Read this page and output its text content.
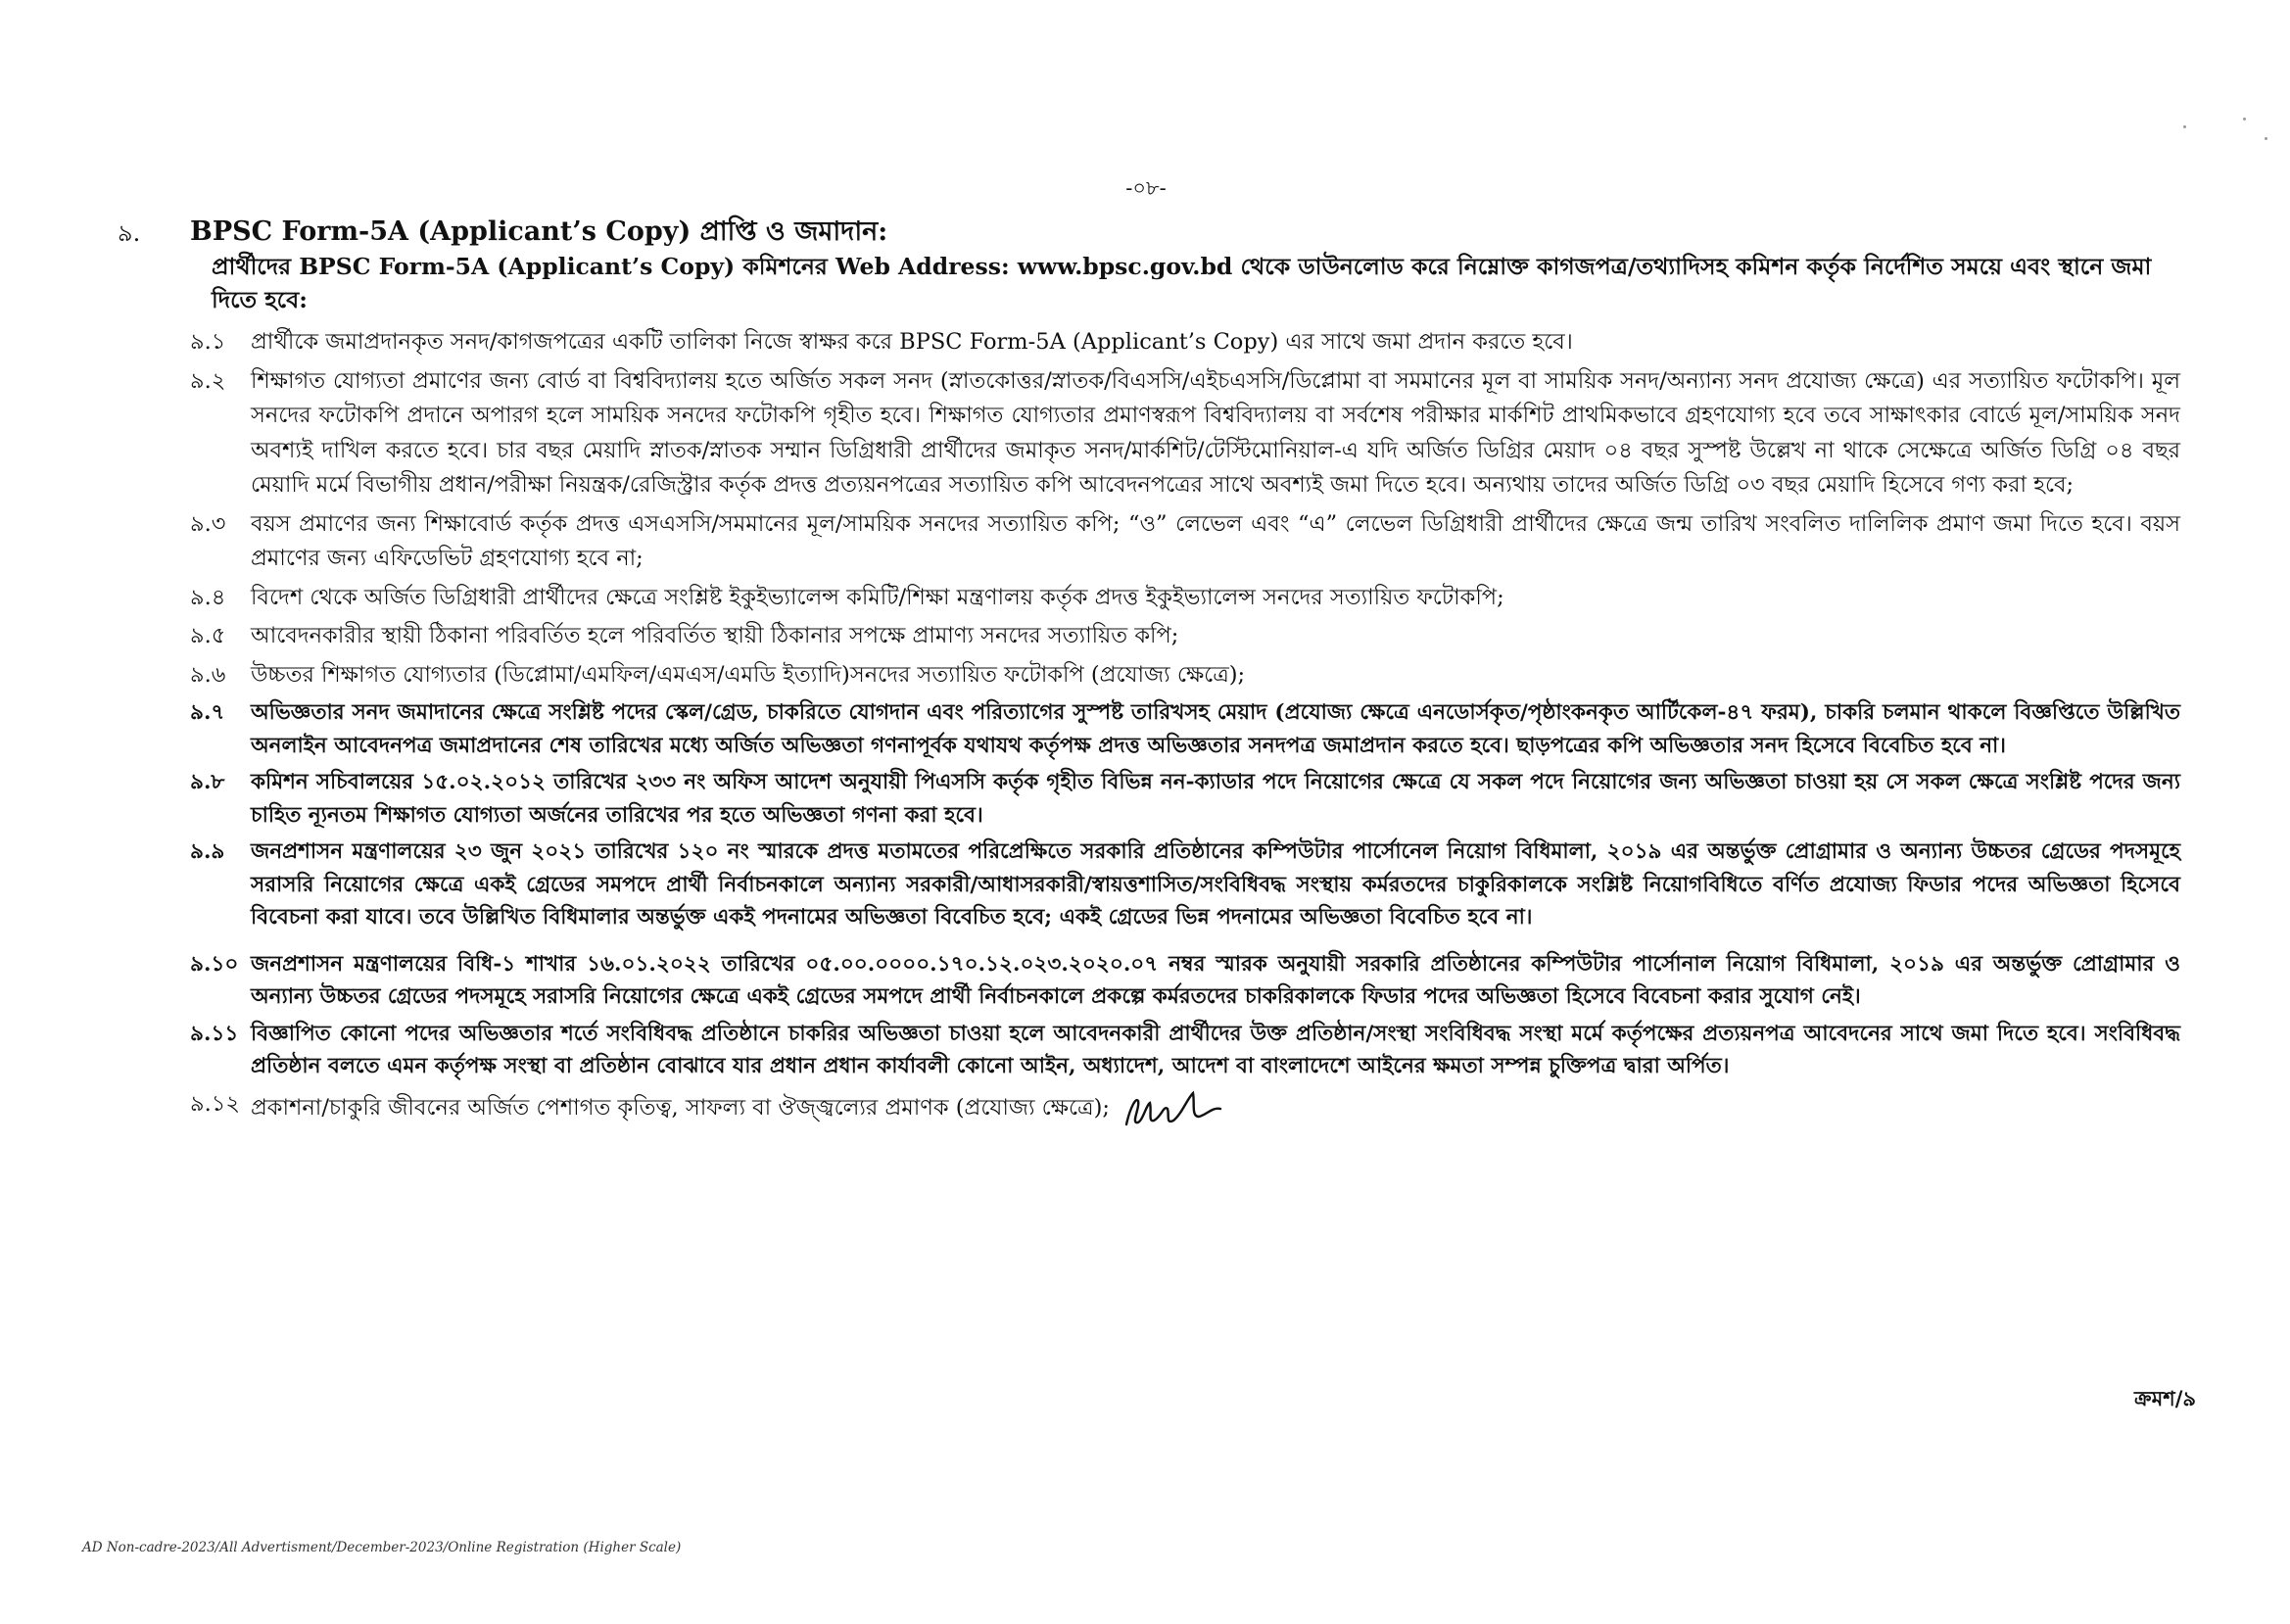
-০৮-
৯. BPSC Form-5A (Applicant’s Copy) প্রাপ্তি ও জমাদান:
প্রার্থীদের BPSC Form-5A (Applicant’s Copy) কমিশনের Web Address: www.bpsc.gov.bd থেকে ডাউনলোড করে নিম্নোক্ত কাগজপত্র/তথ্যাদিসহ কমিশন কর্তৃক নির্দেশিত সময়ে এবং স্থানে জমা দিতে হবে:
৯.১	প্রার্থীকে জমাপ্রদানকৃত সনদ/কাগজপত্রের একটি তালিকা নিজে স্বাক্ষর করে BPSC Form-5A (Applicant’s Copy) এর সাথে জমা প্রদান করতে হবে।
৯.২	শিক্ষাগত যোগ্যতা প্রমাণের জন্য বোর্ড বা বিশ্ববিদ্যালয় হতে অর্জিত সকল সনদ (স্নাতকোত্তর/স্নাতক/বিএসসি/এইচএসসি/ডিপ্লোমা বা সমমানের মূল বা সাময়িক সনদ/অন্যান্য সনদ প্রযোজ্য ক্ষেত্রে) এর সত্যায়িত ফটোকপি। মূল সনদের ফটোকপি প্রদানে অপারগ হলে সাময়িক সনদের ফটোকপি গৃহীত হবে। শিক্ষাগত যোগ্যতার প্রমাণস্বরূপ বিশ্ববিদ্যালয় বা সর্বশেষ পরীক্ষার মার্কশিট প্রাথমিকভাবে গ্রহণযোগ্য হবে তবে সাক্ষাৎকার বোর্ডে মূল/সাময়িক সনদ অবশ্যই দাখিল করতে হবে। চার বছর মেয়াদি স্নাতক/স্নাতক সম্মান ডিগ্রিধারী প্রার্থীদের জমাকৃত সনদ/মার্কশিট/টেস্টিমোনিয়াল-এ যদি অর্জিত ডিগ্রির মেয়াদ ০৪ বছর সুস্পষ্ট উল্লেখ না থাকে সেক্ষেত্রে অর্জিত ডিগ্রি ০৪ বছর মেয়াদি মর্মে বিভাগীয় প্রধান/পরীক্ষা নিয়ন্ত্রক/রেজিস্ট্রার কর্তৃক প্রদত্ত প্রত্যয়নপত্রের সত্যায়িত কপি আবেদনপত্রের সাথে অবশ্যই জমা দিতে হবে। অন্যথায় তাদের অর্জিত ডিগ্রি ০৩ বছর মেয়াদি হিসেবে গণ্য করা হবে;
৯.৩	বয়স প্রমাণের জন্য শিক্ষাবোর্ড কর্তৃক প্রদত্ত এসএসসি/সমমানের মূল/সাময়িক সনদের সত্যায়িত কপি; “ও” লেভেল এবং “এ” লেভেল ডিগ্রিধারী প্রার্থীদের ক্ষেত্রে জন্ম তারিখ সংবলিত দালিলিক প্রমাণ জমা দিতে হবে। বয়স প্রমাণের জন্য এফিডেভিট গ্রহণযোগ্য হবে না;
৯.৪	বিদেশ থেকে অর্জিত ডিগ্রিধারী প্রার্থীদের ক্ষেত্রে সংশ্লিষ্ট ইকুইভ্যালেন্স কমিটি/শিক্ষা মন্ত্রণালয় কর্তৃক প্রদত্ত ইকুইভ্যালেন্স সনদের সত্যায়িত ফটোকপি;
৯.৫	আবেদনকারীর স্থায়ী ঠিকানা পরিবর্তিত হলে পরিবর্তিত স্থায়ী ঠিকানার সপক্ষে প্রামাণ্য সনদের সত্যায়িত কপি;
৯.৬	উচ্চতর শিক্ষাগত যোগ্যতার (ডিপ্লোমা/এমফিল/এমএস/এমডি ইত্যাদি)সনদের সত্যায়িত ফটোকপি (প্রযোজ্য ক্ষেত্রে);
৯.৭	অভিজ্ঞতার সনদ জমাদানের ক্ষেত্রে সংশ্লিষ্ট পদের স্কেল/গ্রেড, চাকরিতে যোগদান এবং পরিত্যাগের সুস্পষ্ট তারিখসহ মেয়াদ (প্রযোজ্য ক্ষেত্রে এনডোর্সকৃত/পৃষ্ঠাংকনকৃত আর্টিকেল-৪৭ ফরম), চাকরি চলমান থাকলে বিজ্ঞপ্তিতে উল্লিখিত অনলাইন আবেদনপত্র জমাপ্রদানের শেষ তারিখের মধ্যে অর্জিত অভিজ্ঞতা গণনাপূর্বক যথাযথ কর্তৃপক্ষ প্রদত্ত অভিজ্ঞতার সনদপত্র জমাপ্রদান করতে হবে। ছাড়পত্রের কপি অভিজ্ঞতার সনদ হিসেবে বিবেচিত হবে না।
৯.৮	কমিশন সচিবালয়ের ১৫.০২.২০১২ তারিখের ২৩৩ নং অফিস আদেশ অনুযায়ী পিএসসি কর্তৃক গৃহীত বিভিন্ন নন-ক্যাডার পদে নিয়োগের ক্ষেত্রে যে সকল পদে নিয়োগের জন্য অভিজ্ঞতা চাওয়া হয় সে সকল ক্ষেত্রে সংশ্লিষ্ট পদের জন্য চাহিত ন্যূনতম শিক্ষাগত যোগ্যতা অর্জনের তারিখের পর হতে অভিজ্ঞতা গণনা করা হবে।
৯.৯	জনপ্রশাসন মন্ত্রণালয়ের ২৩ জুন ২০২১ তারিখের ১২০ নং স্মারকে প্রদত্ত মতামতের পরিপ্রেক্ষিতে সরকারি প্রতিষ্ঠানের কম্পিউটার পার্সোনেল নিয়োগ বিধিমালা, ২০১৯ এর অন্তর্ভুক্ত প্রোগ্রামার ও অন্যান্য উচ্চতর গ্রেডের পদসমূহে সরাসরি নিয়োগের ক্ষেত্রে একই গ্রেডের সমপদে প্রার্থী নির্বাচনকালে অন্যান্য সরকারী/আধাসরকারী/স্বায়ত্তশাসিত/সংবিধিবদ্ধ সংস্থায় কর্মরতদের চাকুরিকালকে সংশ্লিষ্ট নিয়োগবিধিতে বর্ণিত প্রযোজ্য ফিডার পদের অভিজ্ঞতা হিসেবে বিবেচনা করা যাবে। তবে উল্লিখিত বিধিমালার অন্তর্ভুক্ত একই পদনামের অভিজ্ঞতা বিবেচিত হবে; একই গ্রেডের ভিন্ন পদনামের অভিজ্ঞতা বিবেচিত হবে না।
৯.১০ জনপ্রশাসন মন্ত্রণালয়ের বিধি-১ শাখার ১৬.০১.২০২২ তারিখের ০৫.০০.০০০০.১৭০.১২.০২৩.২০২০.০৭ নম্বর স্মারক অনুযায়ী সরকারি প্রতিষ্ঠানের কম্পিউটার পার্সোনাল নিয়োগ বিধিমালা, ২০১৯ এর অন্তর্ভুক্ত প্রোগ্রামার ও অন্যান্য উচ্চতর গ্রেডের পদসমূহে সরাসরি নিয়োগের ক্ষেত্রে একই গ্রেডের সমপদে প্রার্থী নির্বাচনকালে প্রকল্পে কর্মরতদের চাকরিকালকে ফিডার পদের অভিজ্ঞতা হিসেবে বিবেচনা করার সুযোগ নেই।
৯.১১ বিজ্ঞাপিত কোনো পদের অভিজ্ঞতার শর্তে সংবিধিবদ্ধ প্রতিষ্ঠানে চাকরির অভিজ্ঞতা চাওয়া হলে আবেদনকারী প্রার্থীদের উক্ত প্রতিষ্ঠান/সংস্থা সংবিধিবদ্ধ সংস্থা মর্মে কর্তৃপক্ষের প্রত্যয়নপত্র আবেদনের সাথে জমা দিতে হবে। সংবিধিবদ্ধ প্রতিষ্ঠান বলতে এমন কর্তৃপক্ষ সংস্থা বা প্রতিষ্ঠান বোঝাবে যার প্রধান প্রধান কার্যাবলী কোনো আইন, অধ্যাদেশ, আদেশ বা বাংলাদেশে আইনের ক্ষমতা সম্পন্ন চুক্তিপত্র দ্বারা অর্পিত।
৯.১২ প্রকাশনা/চাকুরি জীবনের অর্জিত পেশাগত কৃতিত্ব, সাফল্য বা ঔজ্জ্বল্যের প্রমাণক (প্রযোজ্য ক্ষেত্রে);
ক্রমশ/৯
AD Non-cadre-2023/All Advertisment/December-2023/Online Registration (Higher Scale)
